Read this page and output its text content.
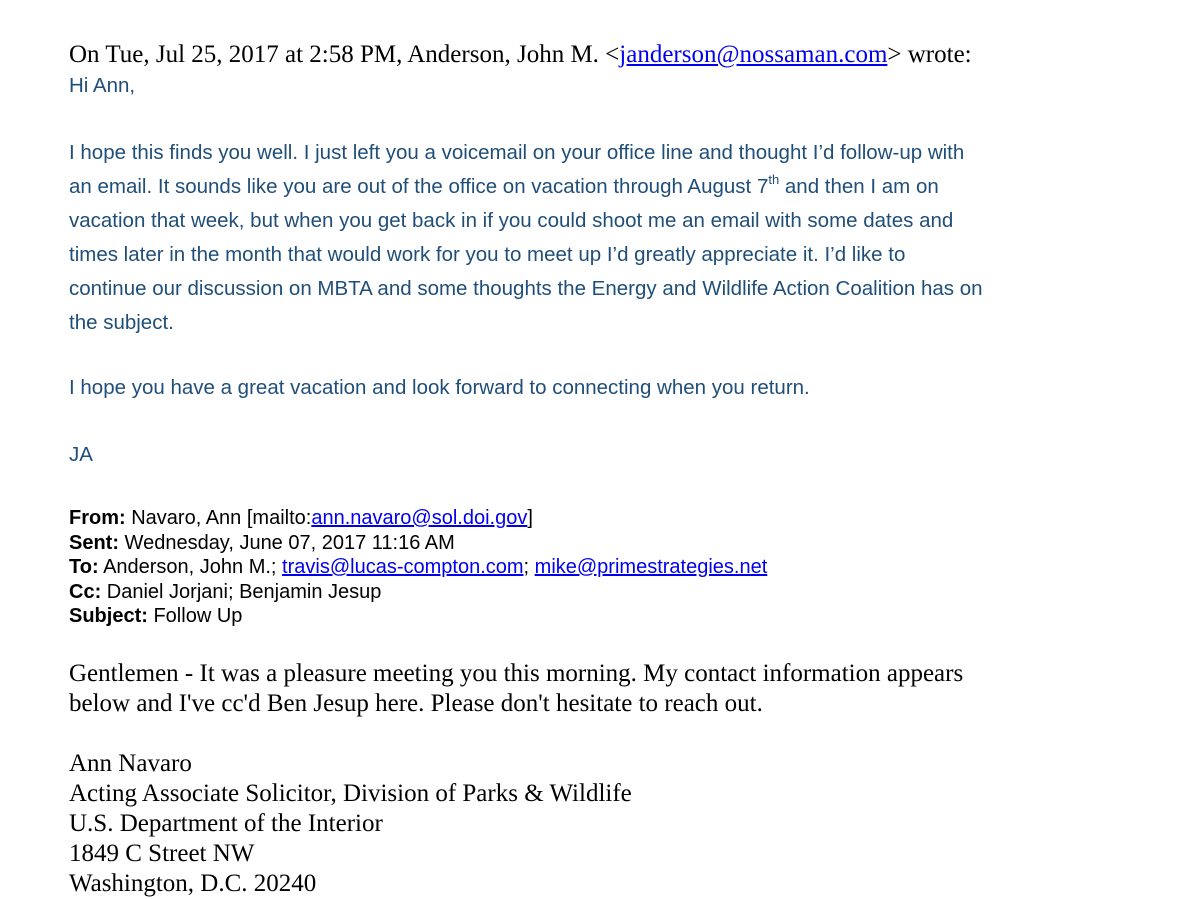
On Tue, Jul 25, 2017 at 2:58 PM, Anderson, John M. <janderson@nossaman.com> wrote:
Hi Ann,
I hope this finds you well. I just left you a voicemail on your office line and thought I’d follow-up with
an email. It sounds like you are out of the office on vacation through August 7th and then I am on
vacation that week, but when you get back in if you could shoot me an email with some dates and
times later in the month that would work for you to meet up I’d greatly appreciate it. I’d like to
continue our discussion on MBTA and some thoughts the Energy and Wildlife Action Coalition has on
the subject.
I hope you have a great vacation and look forward to connecting when you return.
JA
From: Navaro, Ann [mailto:ann.navaro@sol.doi.gov]
Sent: Wednesday, June 07, 2017 11:16 AM
To: Anderson, John M.; travis@lucas-compton.com; mike@primestrategies.net
Cc: Daniel Jorjani; Benjamin Jesup
Subject: Follow Up
Gentlemen - It was a pleasure meeting you this morning. My contact information appears
below and I've cc'd Ben Jesup here. Please don't hesitate to reach out.
Ann Navaro
Acting Associate Solicitor, Division of Parks & Wildlife
U.S. Department of the Interior
1849 C Street NW
Washington, D.C. 20240
